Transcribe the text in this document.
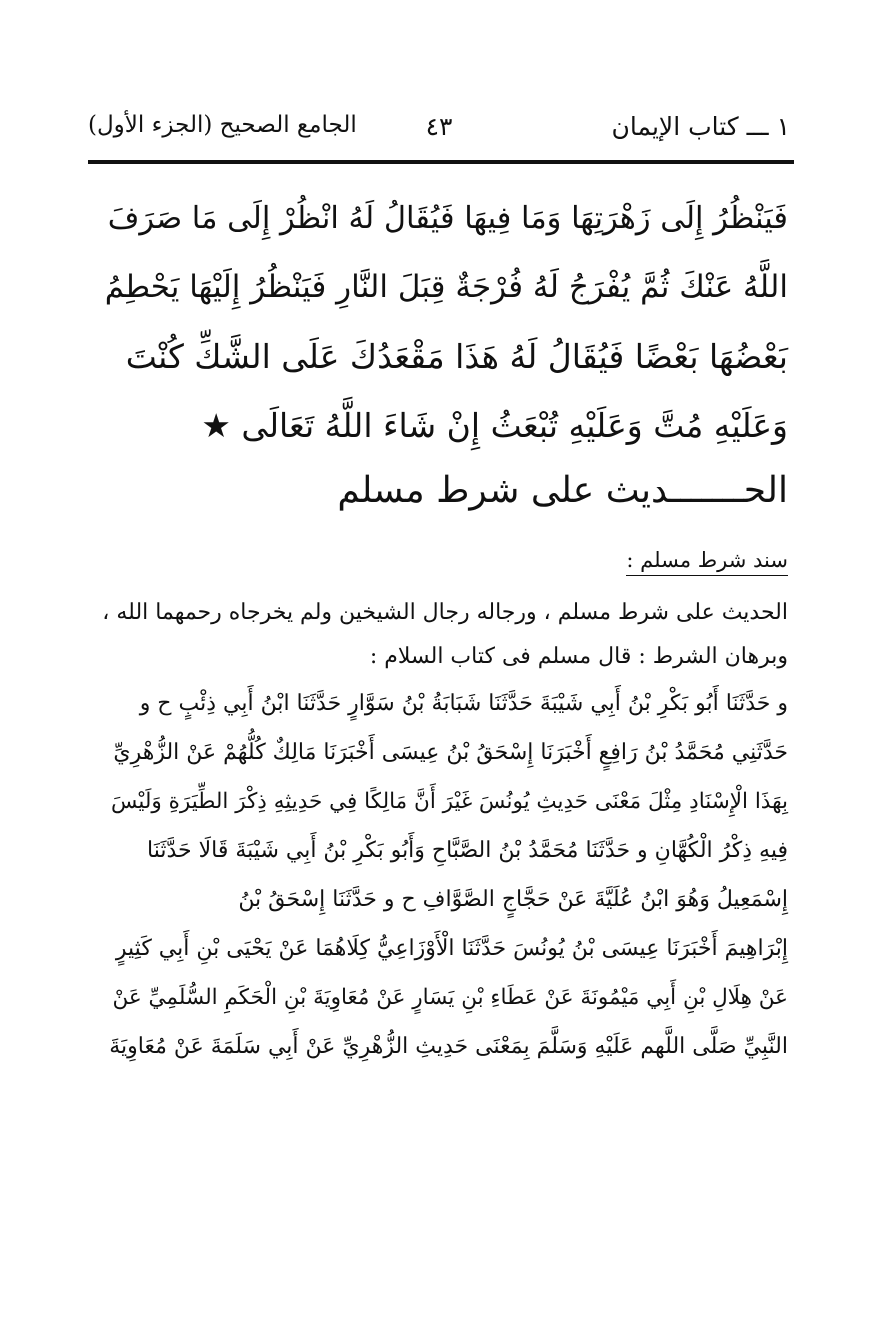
١ ـــ كتاب الإيمان
٤٣
الجامع الصحيح (الجزء الأول)
فَيَنْظُرُ إِلَى زَهْرَتِهَا وَمَا فِيهَا فَيُقَالُ لَهُ انْظُرْ إِلَى مَا صَرَفَ
اللَّهُ عَنْكَ ثُمَّ يُفْرَجُ لَهُ فُرْجَةٌ قِبَلَ النَّارِ فَيَنْظُرُ إِلَيْهَا يَحْطِمُ
بَعْضُهَا بَعْضًا فَيُقَالُ لَهُ هَذَا مَقْعَدُكَ عَلَى الشَّكِّ كُنْتَ
وَعَلَيْهِ مُتَّ وَعَلَيْهِ تُبْعَثُ إِنْ شَاءَ اللَّهُ تَعَالَى ★
الحـــــــديث على شرط مسلم
سند شرط مسلم :
الحديث على شرط مسلم ، ورجاله رجال الشيخين ولم يخرجاه رحمهما الله ،
وبرهان الشرط : قال مسلم فى كتاب السلام :
و حَدَّثَنَا أَبُو بَكْرِ بْنُ أَبِي شَيْبَةَ حَدَّثَنَا شَبَابَةُ بْنُ سَوَّارٍ حَدَّثَنَا ابْنُ أَبِي ذِئْبٍ ح و
حَدَّثَنِي مُحَمَّدُ بْنُ رَافِعٍ أَخْبَرَنَا إِسْحَقُ بْنُ عِيسَى أَخْبَرَنَا مَالِكٌ كُلُّهُمْ عَنْ الزُّهْرِيِّ
بِهَذَا الْإِسْنَادِ مِثْلَ مَعْنَى حَدِيثِ يُونُسَ غَيْرَ أَنَّ مَالِكًا فِي حَدِيثِهِ ذِكْرَ الطِّيَرَةِ وَلَيْسَ
فِيهِ ذِكْرُ الْكُهَّانِ و حَدَّثَنَا مُحَمَّدُ بْنُ الصَّبَّاحِ وَأَبُو بَكْرِ بْنُ أَبِي شَيْبَةَ قَالَا حَدَّثَنَا
إِسْمَعِيلُ وَهُوَ ابْنُ عُلَيَّةَ عَنْ حَجَّاجٍ الصَّوَّافِ ح و حَدَّثَنَا إِسْحَقُ بْنُ
إِبْرَاهِيمَ أَخْبَرَنَا عِيسَى بْنُ يُونُسَ حَدَّثَنَا الْأَوْزَاعِيُّ كِلَاهُمَا عَنْ يَحْيَى بْنِ أَبِي كَثِيرٍ
عَنْ هِلَالِ بْنِ أَبِي مَيْمُونَةَ عَنْ عَطَاءِ بْنِ يَسَارٍ عَنْ مُعَاوِيَةَ بْنِ الْحَكَمِ السُّلَمِيِّ عَنْ
النَّبِيِّ صَلَّى اللَّهم عَلَيْهِ وَسَلَّمَ بِمَعْنَى حَدِيثِ الزُّهْرِيِّ عَنْ أَبِي سَلَمَةَ عَنْ مُعَاوِيَةَ
